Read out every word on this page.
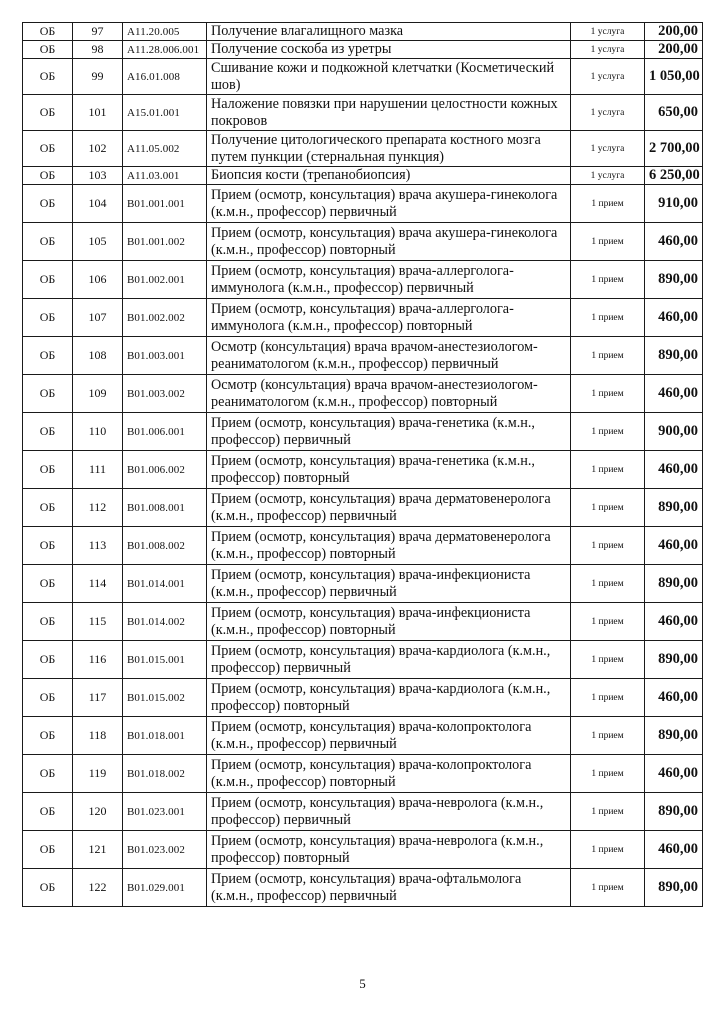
ОБ	97	А11.20.005	Получение влагалищного мазка	1 услуга	200,00
ОБ	98	А11.28.006.001	Получение соскоба из уретры	1 услуга	200,00
ОБ	99	А16.01.008	Сшивание кожи и подкожной клетчатки (Косметический шов)	1 услуга	1 050,00
ОБ	101	А15.01.001	Наложение повязки при нарушении целостности кожных покровов	1 услуга	650,00
ОБ	102	А11.05.002	Получение цитологического препарата костного мозга путем пункции (стернальная пункция)	1 услуга	2 700,00
ОБ	103	А11.03.001	Биопсия кости (трепанобиопсия)	1 услуга	6 250,00
ОБ	104	В01.001.001	Прием (осмотр, консультация) врача акушера-гинеколога (к.м.н., профессор) первичный	1 прием	910,00
ОБ	105	В01.001.002	Прием (осмотр, консультация) врача акушера-гинеколога (к.м.н., профессор) повторный	1 прием	460,00
ОБ	106	В01.002.001	Прием (осмотр, консультация) врача-аллерголога-иммунолога (к.м.н., профессор) первичный	1 прием	890,00
ОБ	107	В01.002.002	Прием (осмотр, консультация) врача-аллерголога-иммунолога (к.м.н., профессор) повторный	1 прием	460,00
ОБ	108	В01.003.001	Осмотр (консультация) врача врачом-анестезиологом-реаниматологом (к.м.н., профессор) первичный	1 прием	890,00
ОБ	109	В01.003.002	Осмотр (консультация) врача врачом-анестезиологом-реаниматологом (к.м.н., профессор) повторный	1 прием	460,00
ОБ	110	В01.006.001	Прием (осмотр, консультация) врача-генетика (к.м.н., профессор) первичный	1 прием	900,00
ОБ	111	В01.006.002	Прием (осмотр, консультация) врача-генетика (к.м.н., профессор) повторный	1 прием	460,00
ОБ	112	В01.008.001	Прием (осмотр, консультация) врача дерматовенеролога (к.м.н., профессор) первичный	1 прием	890,00
ОБ	113	В01.008.002	Прием (осмотр, консультация) врача дерматовенеролога (к.м.н., профессор) повторный	1 прием	460,00
ОБ	114	В01.014.001	Прием (осмотр, консультация) врача-инфекциониста (к.м.н., профессор) первичный	1 прием	890,00
ОБ	115	В01.014.002	Прием (осмотр, консультация) врача-инфекциониста (к.м.н., профессор) повторный	1 прием	460,00
ОБ	116	В01.015.001	Прием (осмотр, консультация) врача-кардиолога (к.м.н., профессор) первичный	1 прием	890,00
ОБ	117	В01.015.002	Прием (осмотр, консультация) врача-кардиолога (к.м.н., профессор) повторный	1 прием	460,00
ОБ	118	В01.018.001	Прием (осмотр, консультация) врача-колопроктолога (к.м.н., профессор) первичный	1 прием	890,00
ОБ	119	В01.018.002	Прием (осмотр, консультация) врача-колопроктолога (к.м.н., профессор) повторный	1 прием	460,00
ОБ	120	В01.023.001	Прием (осмотр, консультация) врача-невролога (к.м.н., профессор) первичный	1 прием	890,00
ОБ	121	В01.023.002	Прием (осмотр, консультация) врача-невролога (к.м.н., профессор) повторный	1 прием	460,00
ОБ	122	В01.029.001	Прием (осмотр, консультация) врача-офтальмолога (к.м.н., профессор) первичный	1 прием	890,00
5
